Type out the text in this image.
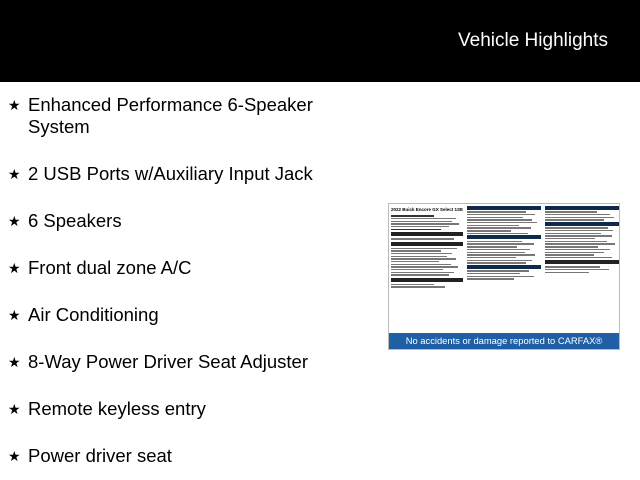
Vehicle Highlights
★ Enhanced Performance 6-Speaker System
★ 2 USB Ports w/Auxiliary Input Jack
★ 6 Speakers
★ Front dual zone A/C
★ Air Conditioning
★ 8-Way Power Driver Seat Adjuster
★ Remote keyless entry
★ Power driver seat
2022 Buick Encore GX Select 1SE
No accidents or damage reported to CARFAX®
